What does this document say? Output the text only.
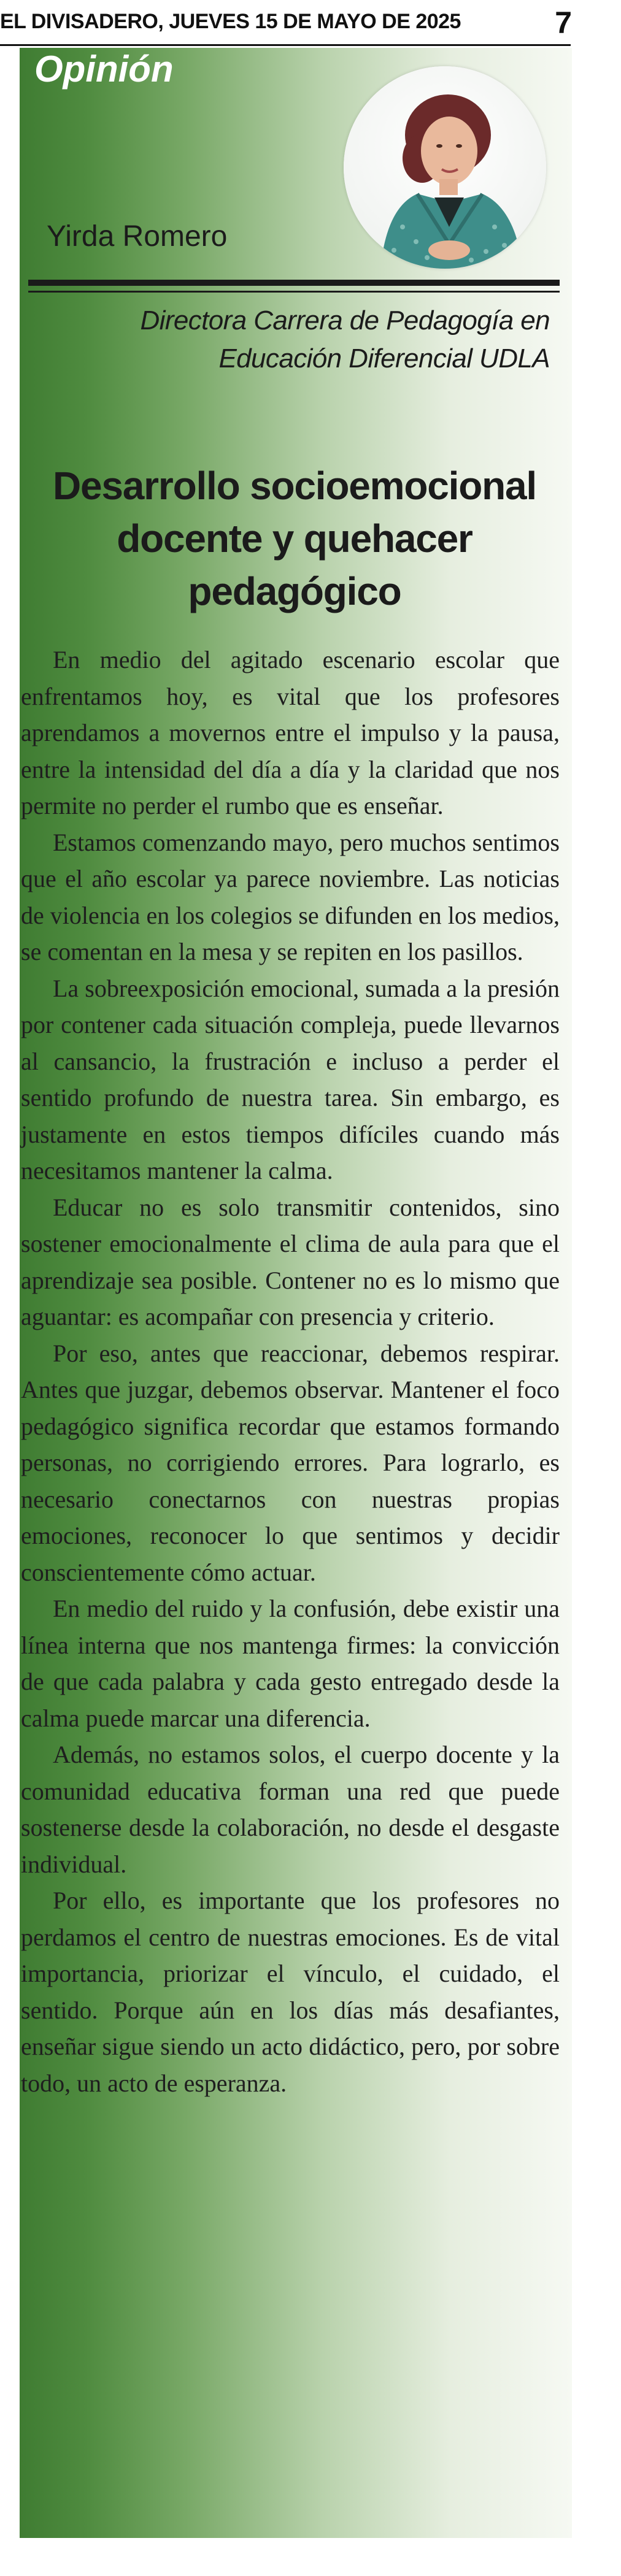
EL DIVISADERO, JUEVES 15 DE MAYO DE 2025	7
Opinión
Yirda Romero
Directora Carrera de Pedagogía en
Educación Diferencial UDLA
Desarrollo socioemocional
docente y quehacer
pedagógico

En medio del agitado escenario escolar que enfrentamos hoy, es vital que los profesores aprendamos a movernos entre el impulso y la pausa, entre la intensidad del día a día y la claridad que nos permite no perder el rumbo que es enseñar.

Estamos comenzando mayo, pero muchos sentimos que el año escolar ya parece noviembre. Las noticias de violencia en los colegios se difunden en los medios, se comentan en la mesa y se repiten en los pasillos.

La sobreexposición emocional, sumada a la presión por contener cada situación compleja, puede llevarnos al cansancio, la frustración e incluso a perder el sentido profundo de nuestra tarea. Sin embargo, es justamente en estos tiempos difíciles cuando más necesitamos mantener la calma.

Educar no es solo transmitir contenidos, sino sostener emocionalmente el clima de aula para que el aprendizaje sea posible. Contener no es lo mismo que aguantar: es acompañar con presencia y criterio.

Por eso, antes que reaccionar, debemos respirar. Antes que juzgar, debemos observar. Mantener el foco pedagógico significa recordar que estamos formando personas, no corrigiendo errores. Para lograrlo, es necesario conectarnos con nuestras propias emociones, reconocer lo que sentimos y decidir conscientemente cómo actuar.

En medio del ruido y la confusión, debe existir una línea interna que nos mantenga firmes: la convicción de que cada palabra y cada gesto entregado desde la calma puede marcar una diferencia.

Además, no estamos solos, el cuerpo docente y la comunidad educativa forman una red que puede sostenerse desde la colaboración, no desde el desgaste individual.

Por ello, es importante que los profesores no perdamos el centro de nuestras emociones. Es de vital importancia, priorizar el vínculo, el cuidado, el sentido. Porque aún en los días más desafiantes, enseñar sigue siendo un acto didáctico, pero, por sobre todo, un acto de esperanza.
